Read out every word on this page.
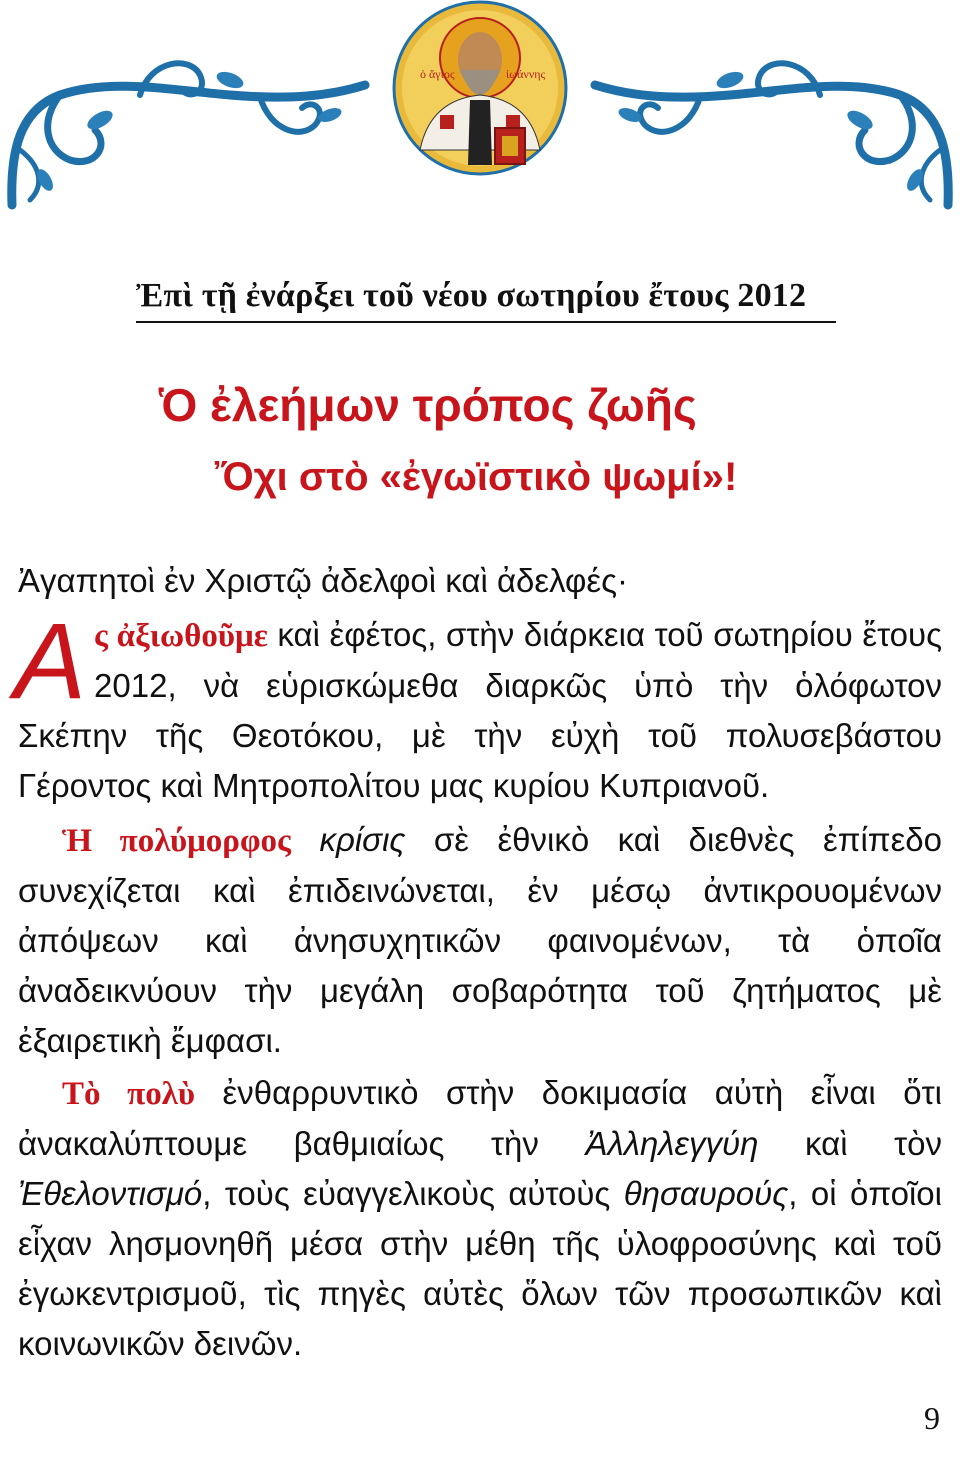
ὁ ἅγιος	ἰωάννης
Ἐπὶ τῇ ἐνάρξει τοῦ νέου σωτηρίου ἔτους 2012
Ὁ ἐλεήμων τρόπος ζωῆς
Ὄχι στὸ «ἐγωϊστικὸ ψωμί»!
Ἀγαπητοὶ ἐν Χριστῷ ἀδελφοὶ καὶ ἀδελφές·
Ας ἀξιωθοῦμε καὶ ἐφέτος, στὴν διάρκεια τοῦ σωτηρίου ἔτους 2012, νὰ εὑρισκώμεθα διαρκῶς ὑπὸ τὴν ὁλόφωτον Σκέπην τῆς Θεοτόκου, μὲ τὴν εὐχὴ τοῦ πολυσεβάστου Γέροντος καὶ Μητροπολίτου μας κυρίου Κυπριανοῦ.
Ἡ πολύμορφος κρίσις σὲ ἐθνικὸ καὶ διεθνὲς ἐπίπεδο συνεχίζεται καὶ ἐπιδεινώνεται, ἐν μέσῳ ἀντικρουομένων ἀπόψεων καὶ ἀνησυχητικῶν φαινομένων, τὰ ὁποῖα ἀναδεικνύουν τὴν μεγάλη σοβαρότητα τοῦ ζητήματος μὲ ἐξαιρετικὴ ἔμφασι.
Τὸ πολὺ ἐνθαρρυντικὸ στὴν δοκιμασία αὐτὴ εἶναι ὅτι ἀνακαλύπτουμε βαθμιαίως τὴν Ἀλληλεγγύη καὶ τὸν Ἐθελοντισμό, τοὺς εὐαγγελικοὺς αὐτοὺς θησαυρούς, οἱ ὁποῖοι εἶχαν λησμονηθῆ μέσα στὴν μέθη τῆς ὑλοφροσύνης καὶ τοῦ ἐγωκεντρισμοῦ, τὶς πηγὲς αὐτὲς ὅλων τῶν προσωπικῶν καὶ κοινωνικῶν δεινῶν.
9
